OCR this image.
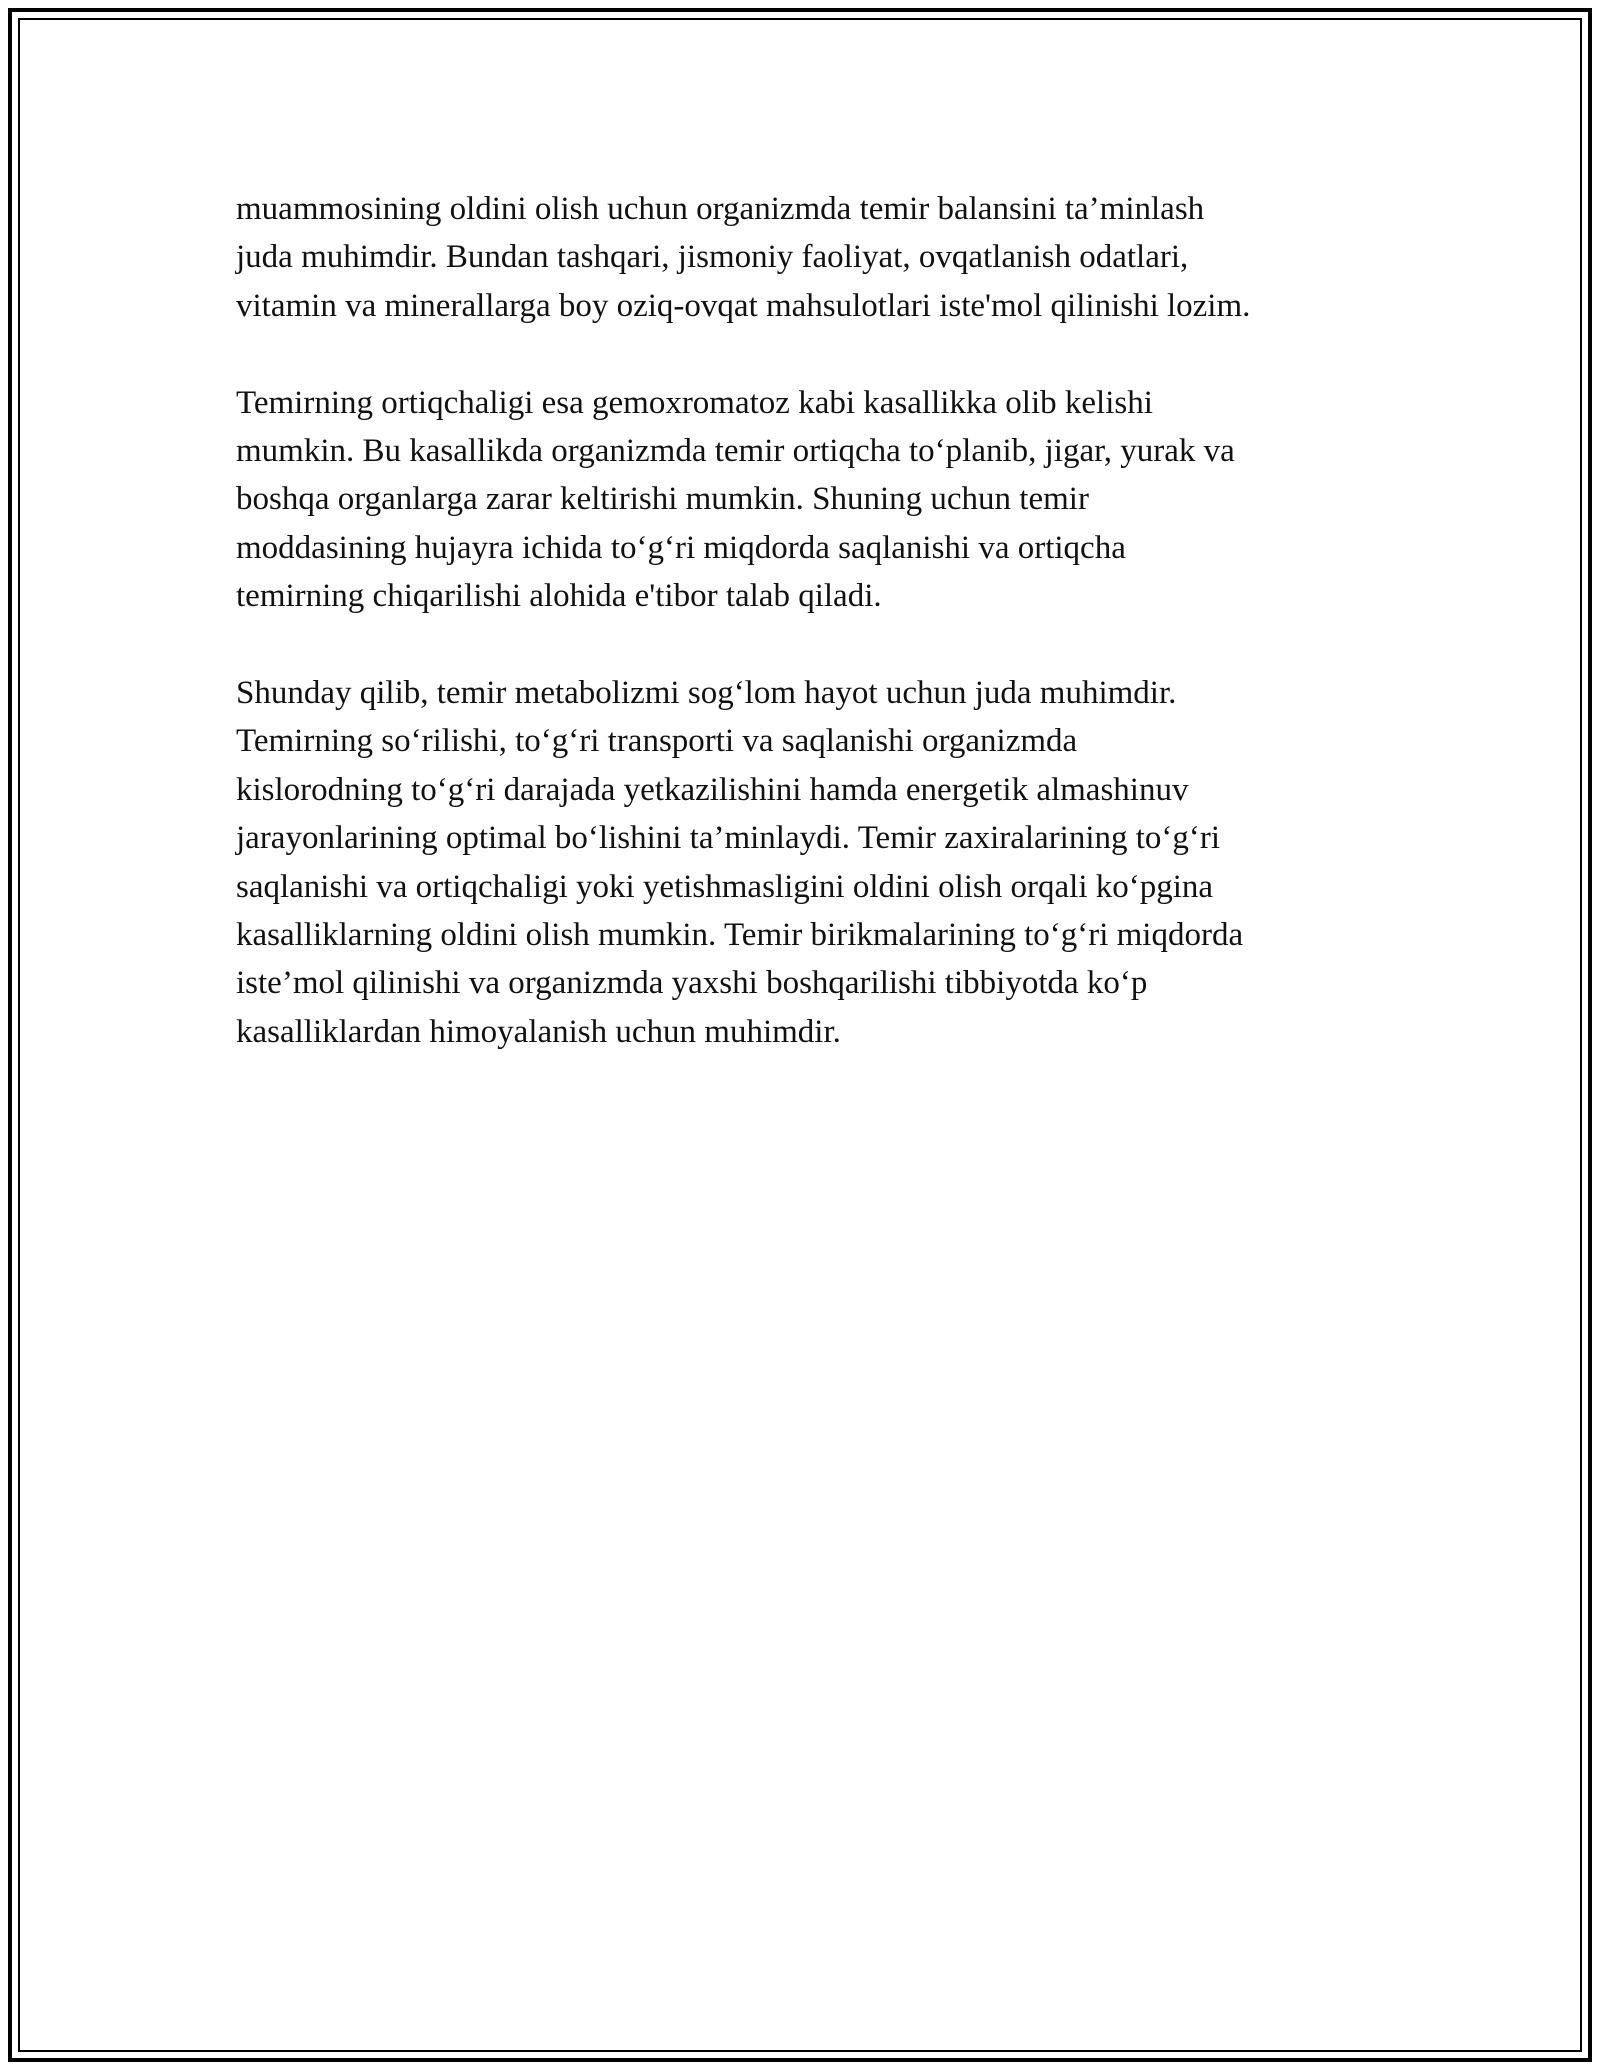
muammosining oldini olish uchun organizmda temir balansini ta’minlash
juda muhimdir. Bundan tashqari, jismoniy faoliyat, ovqatlanish odatlari,
vitamin va minerallarga boy oziq-ovqat mahsulotlari iste'mol qilinishi lozim.

Temirning ortiqchaligi esa gemoxromatoz kabi kasallikka olib kelishi
mumkin. Bu kasallikda organizmda temir ortiqcha to‘planib, jigar, yurak va
boshqa organlarga zarar keltirishi mumkin. Shuning uchun temir
moddasining hujayra ichida to‘g‘ri miqdorda saqlanishi va ortiqcha
temirning chiqarilishi alohida e'tibor talab qiladi.

Shunday qilib, temir metabolizmi sog‘lom hayot uchun juda muhimdir.
Temirning so‘rilishi, to‘g‘ri transporti va saqlanishi organizmda
kislorodning to‘g‘ri darajada yetkazilishini hamda energetik almashinuv
jarayonlarining optimal bo‘lishini ta’minlaydi. Temir zaxiralarining to‘g‘ri
saqlanishi va ortiqchaligi yoki yetishmasligini oldini olish orqali ko‘pgina
kasalliklarning oldini olish mumkin. Temir birikmalarining to‘g‘ri miqdorda
iste’mol qilinishi va organizmda yaxshi boshqarilishi tibbiyotda ko‘p
kasalliklardan himoyalanish uchun muhimdir.
